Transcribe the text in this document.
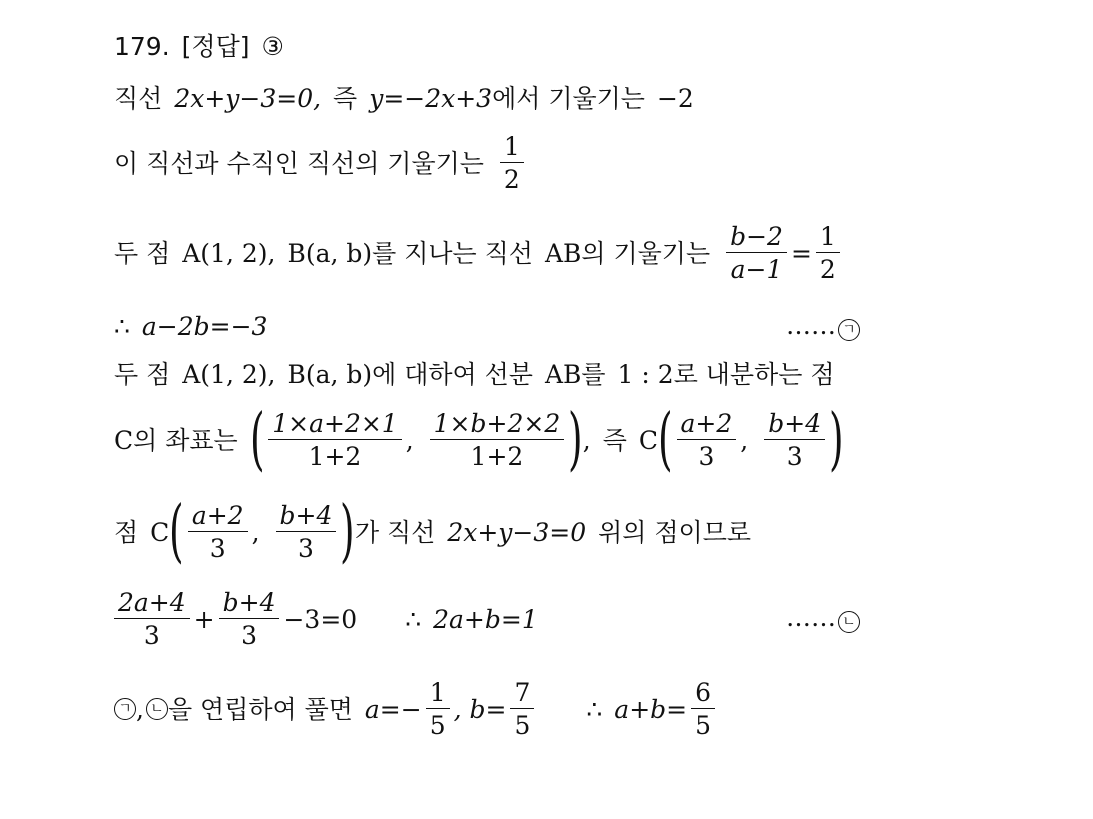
179. [정답] ③
직선 2x+y−3=0, 즉 y=−2x+3 에서 기울기는 −2
이 직선과 수직인 직선의 기울기는 $\frac{1}{2}$
두 점 A(1, 2), B(a, b) 를 지나는 직선 AB 의 기울기는 $\frac{b-2}{a-1} = \frac{1}{2}$
∴ a−2b=−3	…… ㄱ
두 점 A(1, 2), B(a, b) 에 대하여 선분 AB 를 1 : 2 로 내분하는 점
C 의 좌표는 ( $\frac{1\times a+2\times 1}{1+2}$ , $\frac{1\times b+2\times 2}{1+2}$ ) , 즉 C ( $\frac{a+2}{3}$ , $\frac{b+4}{3}$ )
점 C ( $\frac{a+2}{3}$ , $\frac{b+4}{3}$ ) 가 직선 2x+y−3=0 위의 점이므로
$\frac{2a+4}{3} + \frac{b+4}{3} -3=0$ ∴ 2a+b=1	…… ㄴ
ㄱ , ㄴ 을 연립하여 풀면 $a=- \frac{1}{5}$ , $b= \frac{7}{5}$ ∴ $a+b= \frac{6}{5}$
